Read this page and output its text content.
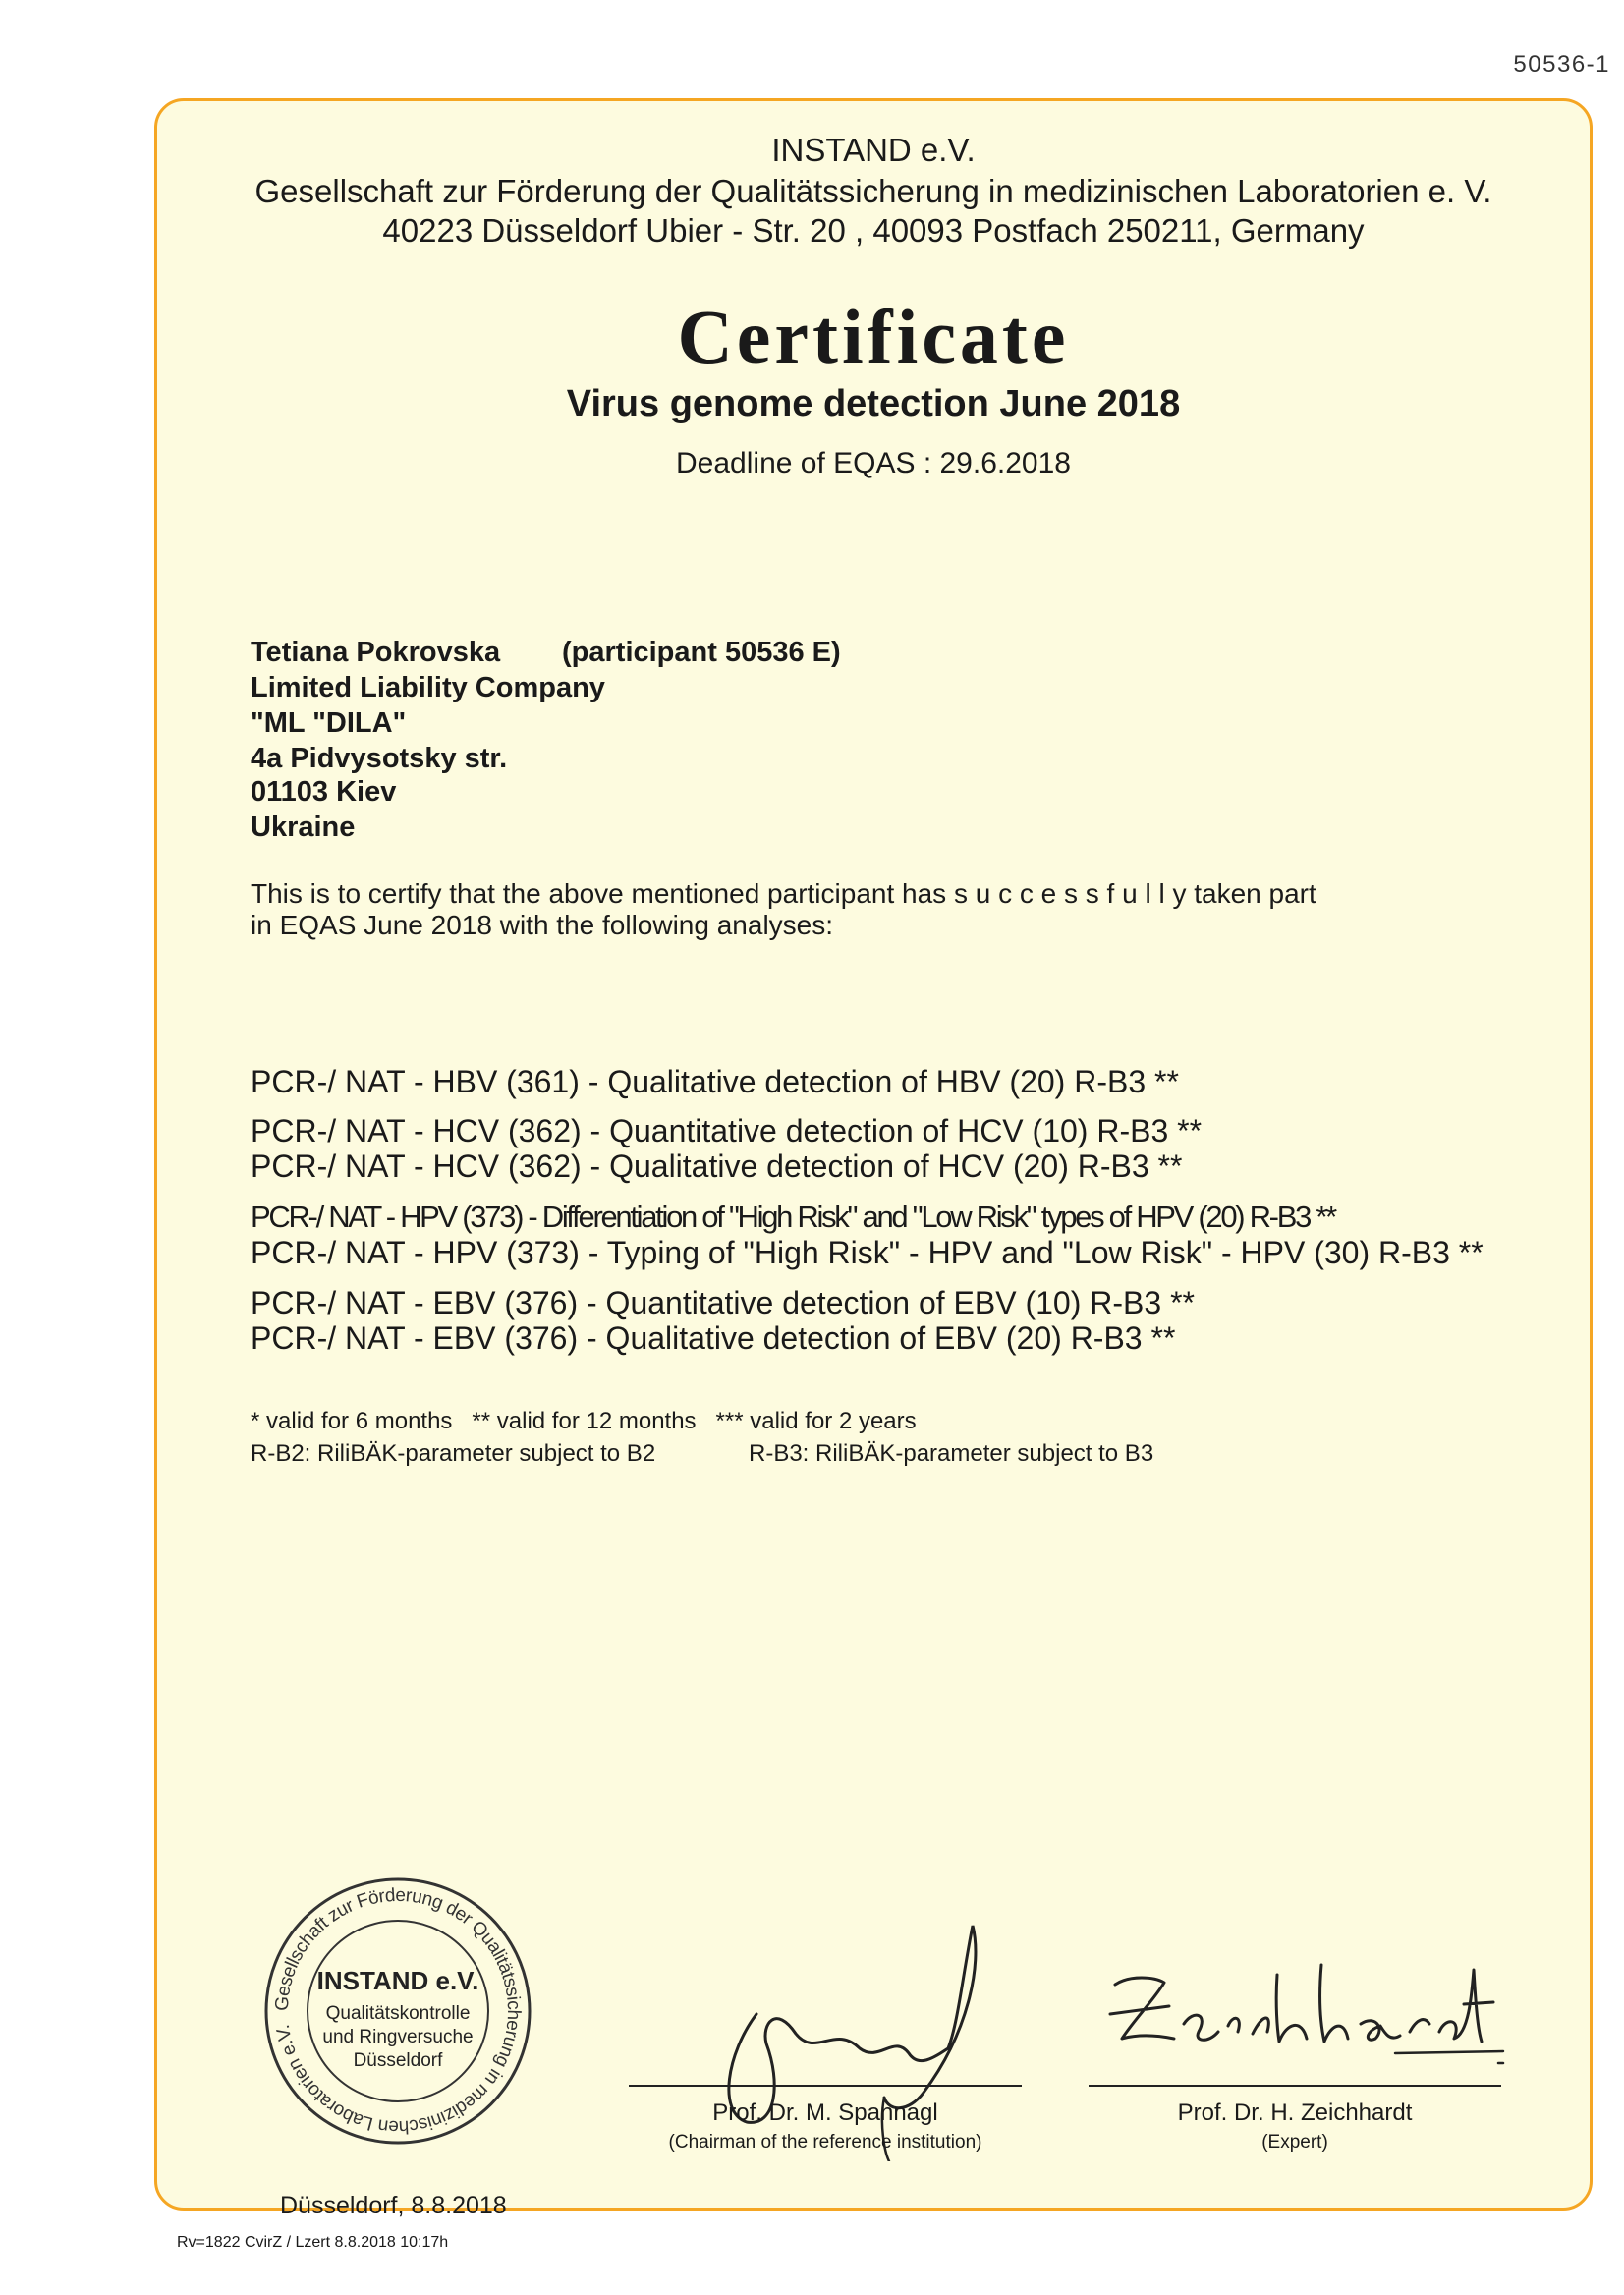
50536-1
INSTAND e.V.
Gesellschaft zur Förderung der Qualitätssicherung in medizinischen Laboratorien e. V.
40223 Düsseldorf Ubier - Str. 20 , 40093 Postfach 250211, Germany
Certificate
Virus genome detection June 2018
Deadline of EQAS : 29.6.2018
Tetiana Pokrovska (participant 50536 E)
Limited Liability Company
"ML "DILA"
4a Pidvysotsky str.
01103 Kiev
Ukraine
This is to certify that the above mentioned participant has s u c c e s s f u l l y taken part
in EQAS June 2018 with the following analyses:
PCR-/ NAT - HBV (361) - Qualitative detection of HBV (20) R-B3 **
PCR-/ NAT - HCV (362) - Quantitative detection of HCV (10) R-B3 **
PCR-/ NAT - HCV (362) - Qualitative detection of HCV (20) R-B3 **
PCR-/ NAT - HPV (373) - Differentiation of "High Risk" and "Low Risk" types of HPV (20) R-B3 **
PCR-/ NAT - HPV (373) - Typing of "High Risk" - HPV and "Low Risk" - HPV (30) R-B3 **
PCR-/ NAT - EBV (376) - Quantitative detection of EBV (10) R-B3 **
PCR-/ NAT - EBV (376) - Qualitative detection of EBV (20) R-B3 **
* valid for 6 months   ** valid for 12 months   *** valid for 2 years
R-B2: RiliBÄK-parameter subject to B2	R-B3: RiliBÄK-parameter subject to B3
Gesellschaft zur Förderung der Qualitätssicherung in medizinischen Laboratorien e.V.
INSTAND e.V.
Qualitätskontrolle
und Ringversuche
Düsseldorf
Prof. Dr. M. Spannagl
(Chairman of the reference institution)
Prof. Dr. H. Zeichhardt
(Expert)
Düsseldorf, 8.8.2018
Rv=1822 CvirZ / Lzert 8.8.2018 10:17h
